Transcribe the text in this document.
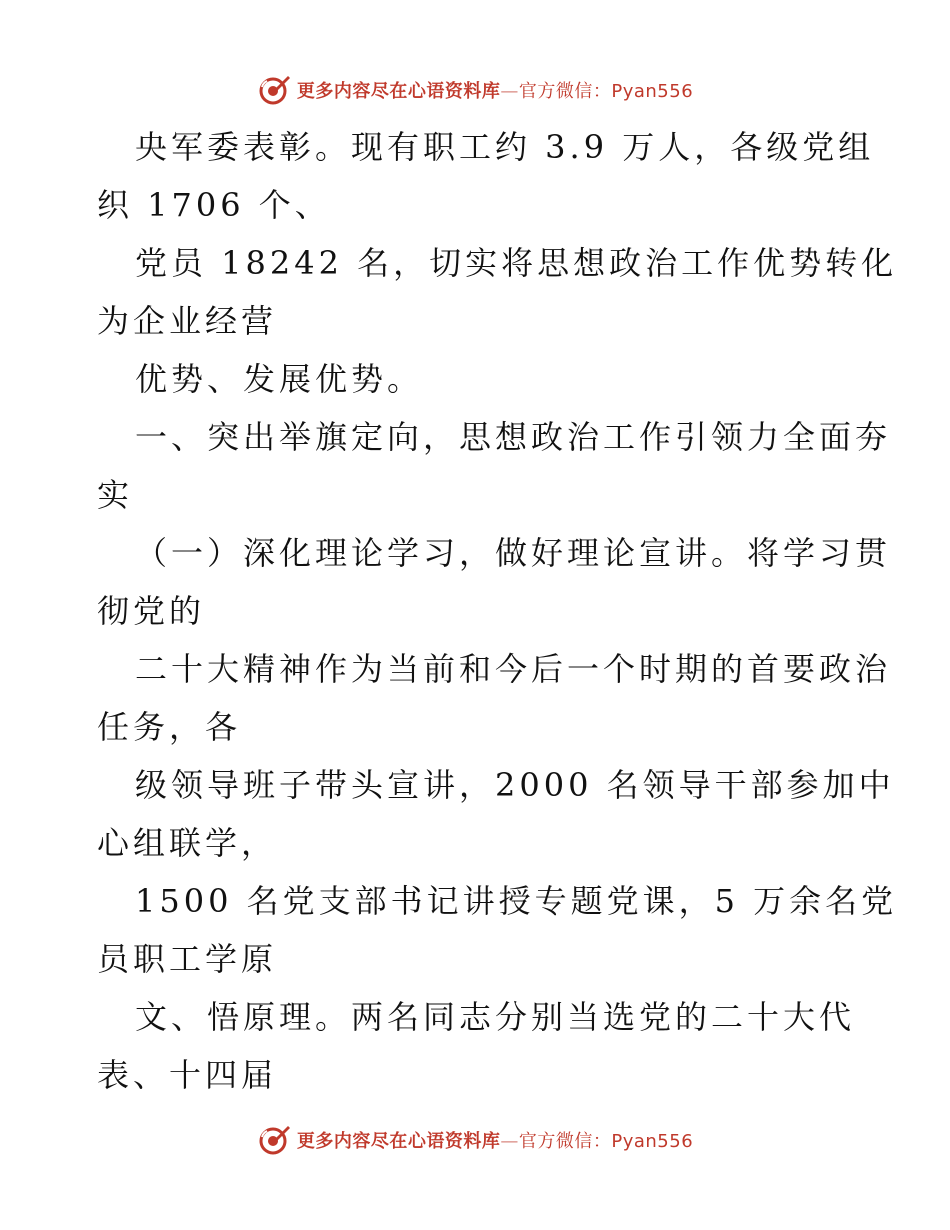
更多内容尽在心语资料库—官方微信：Pyan556
央军委表彰。现有职工约 3.9 万人，各级党组
织 1706 个、
党员 18242 名，切实将思想政治工作优势转化
为企业经营
优势、发展优势。
一、突出举旗定向，思想政治工作引领力全面夯
实
（一）深化理论学习，做好理论宣讲。将学习贯
彻党的
二十大精神作为当前和今后一个时期的首要政治
任务，各
级领导班子带头宣讲，2000 名领导干部参加中
心组联学，
1500 名党支部书记讲授专题党课，5 万余名党
员职工学原
文、悟原理。两名同志分别当选党的二十大代
表、十四届
更多内容尽在心语资料库—官方微信：Pyan556
